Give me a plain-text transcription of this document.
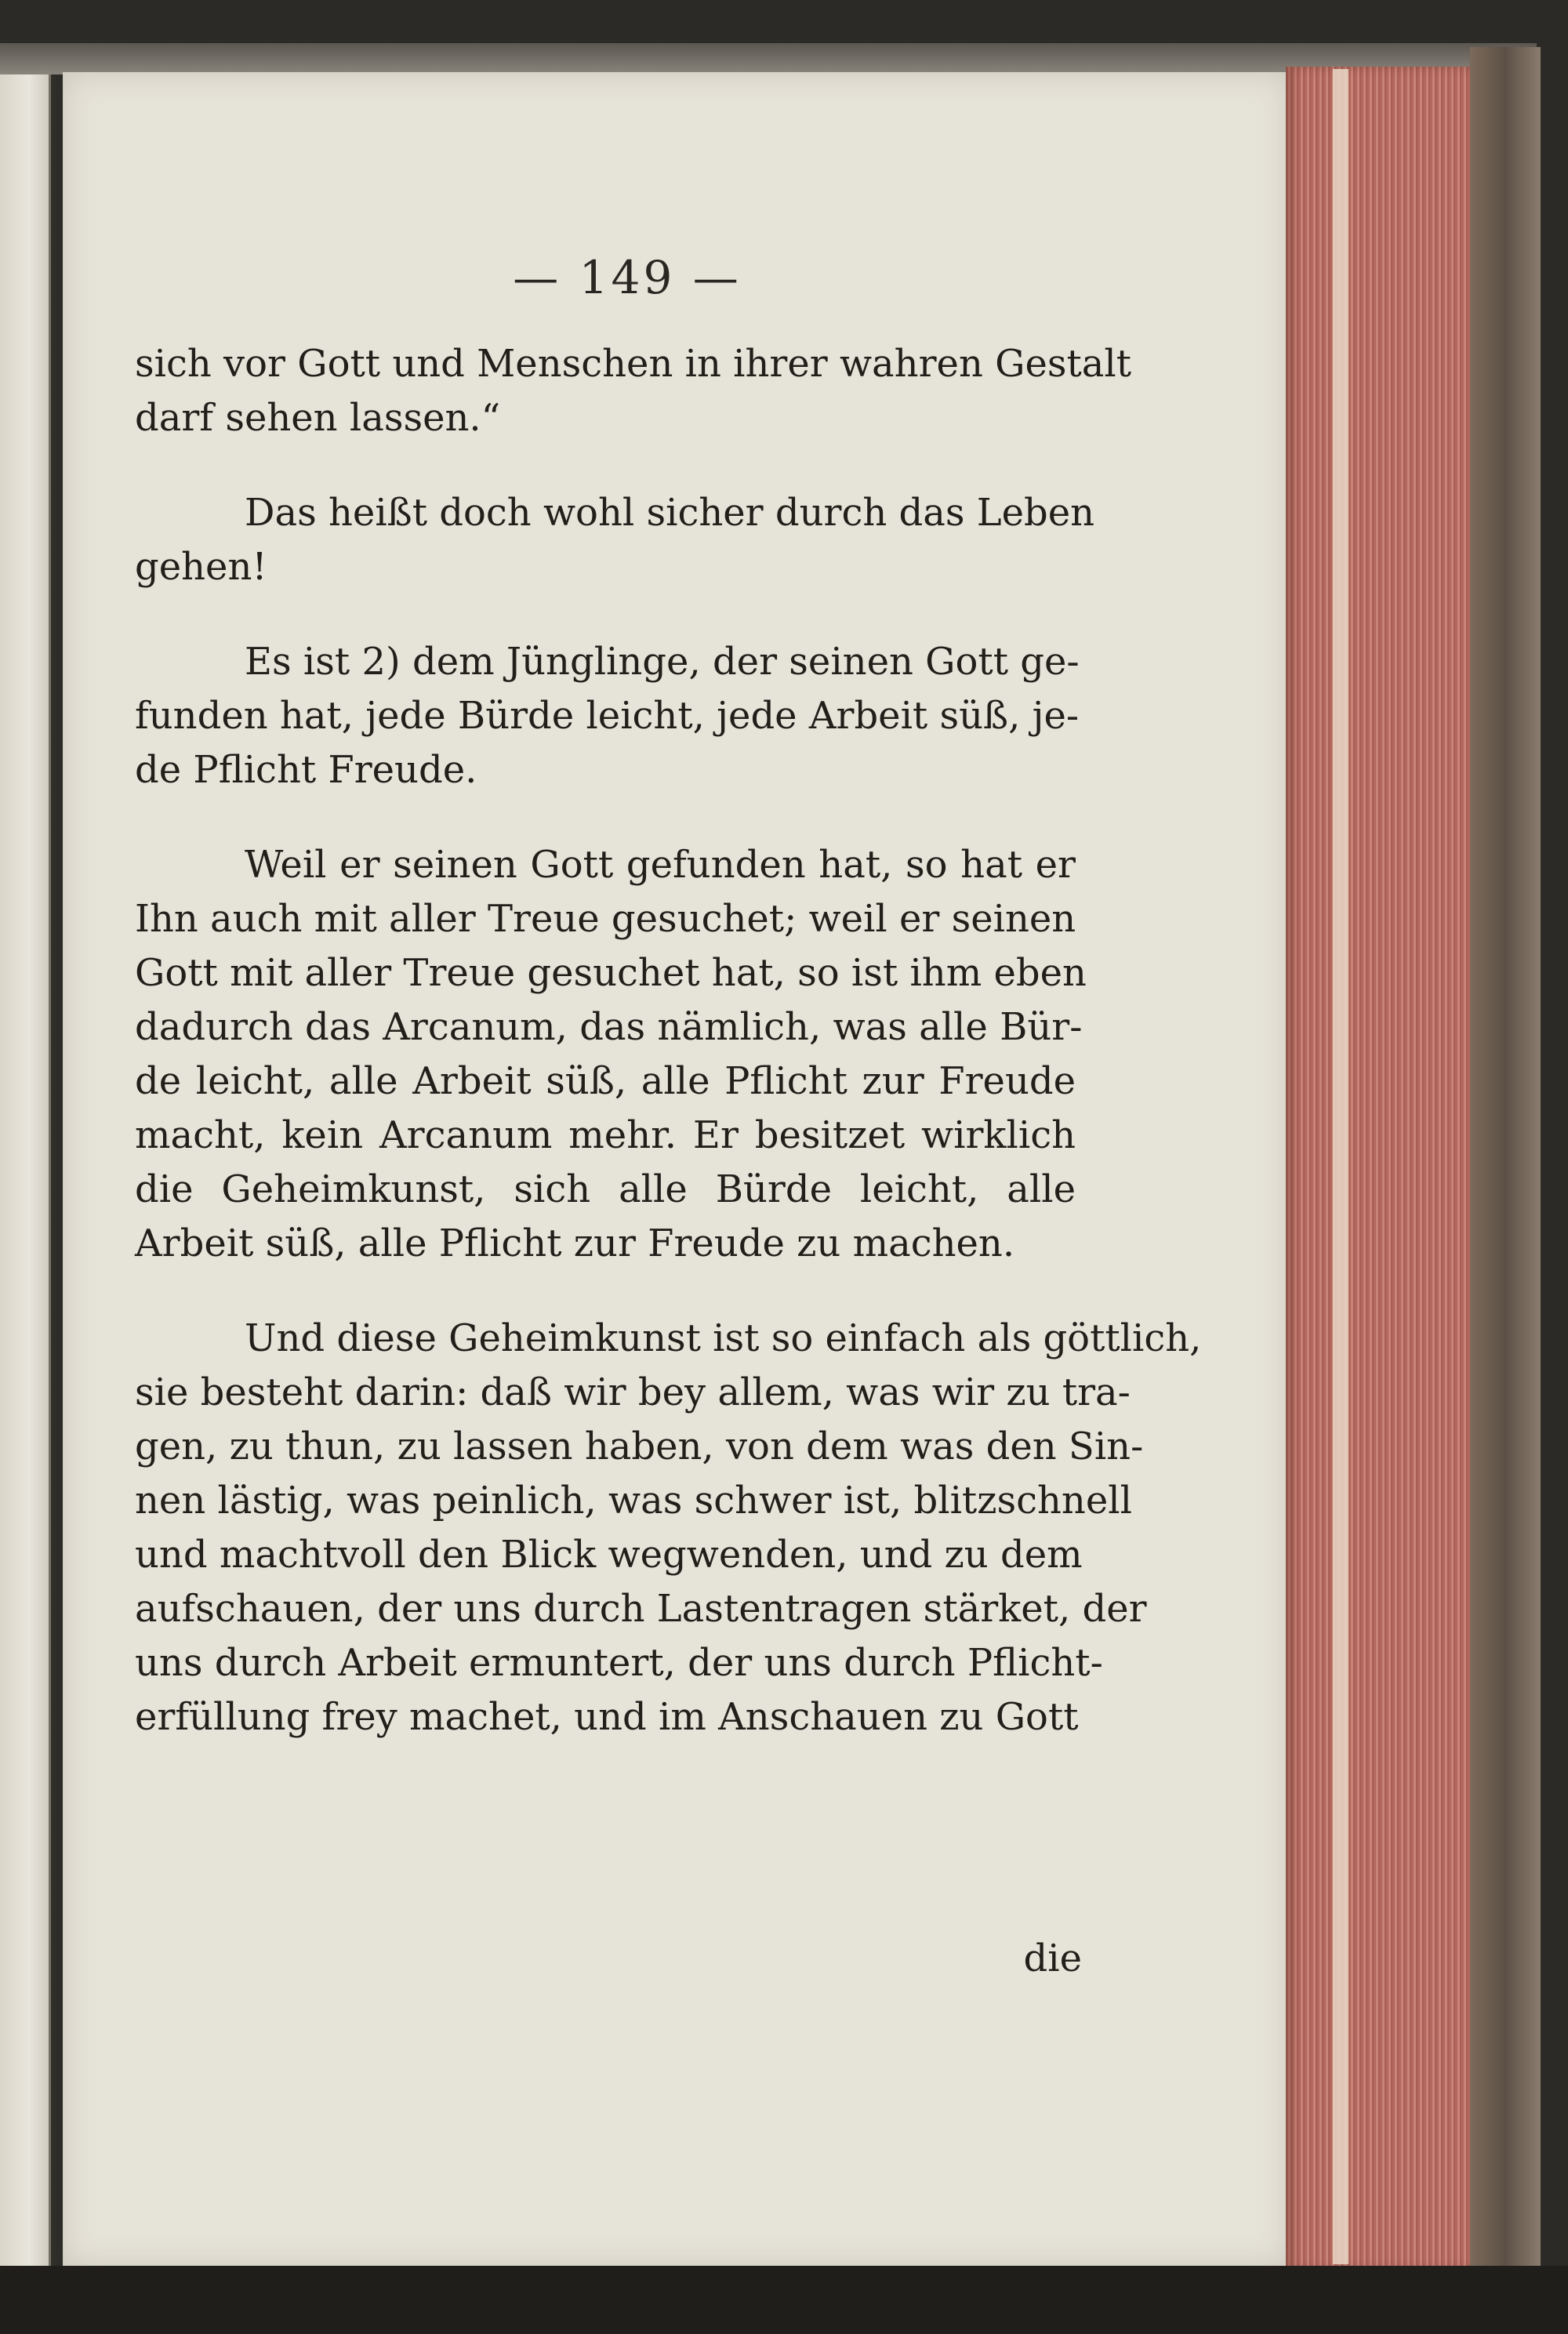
— 149 —
sich vor Gott und Menschen in ihrer wahren Gestalt
darf sehen lassen.“
Das heißt doch wohl sicher durch das Leben
gehen!
Es ist 2) dem Jünglinge, der seinen Gott ge-
funden hat, jede Bürde leicht, jede Arbeit süß, je-
de Pflicht Freude.
Weil er seinen Gott gefunden hat, so hat er
Ihn auch mit aller Treue gesuchet; weil er seinen
Gott mit aller Treue gesuchet hat, so ist ihm eben
dadurch das Arcanum, das nämlich, was alle Bür-
de leicht, alle Arbeit süß, alle Pflicht zur Freude
macht, kein Arcanum mehr. Er besitzet wirklich
die Geheimkunst, sich alle Bürde leicht, alle
Arbeit süß, alle Pflicht zur Freude zu machen.
Und diese Geheimkunst ist so einfach als göttlich,
sie besteht darin: daß wir bey allem, was wir zu tra-
gen, zu thun, zu lassen haben, von dem was den Sin-
nen lästig, was peinlich, was schwer ist, blitzschnell
und machtvoll den Blick wegwenden, und zu dem
aufschauen, der uns durch Lastentragen stärket, der
uns durch Arbeit ermuntert, der uns durch Pflicht-
erfüllung frey machet, und im Anschauen zu Gott
die
